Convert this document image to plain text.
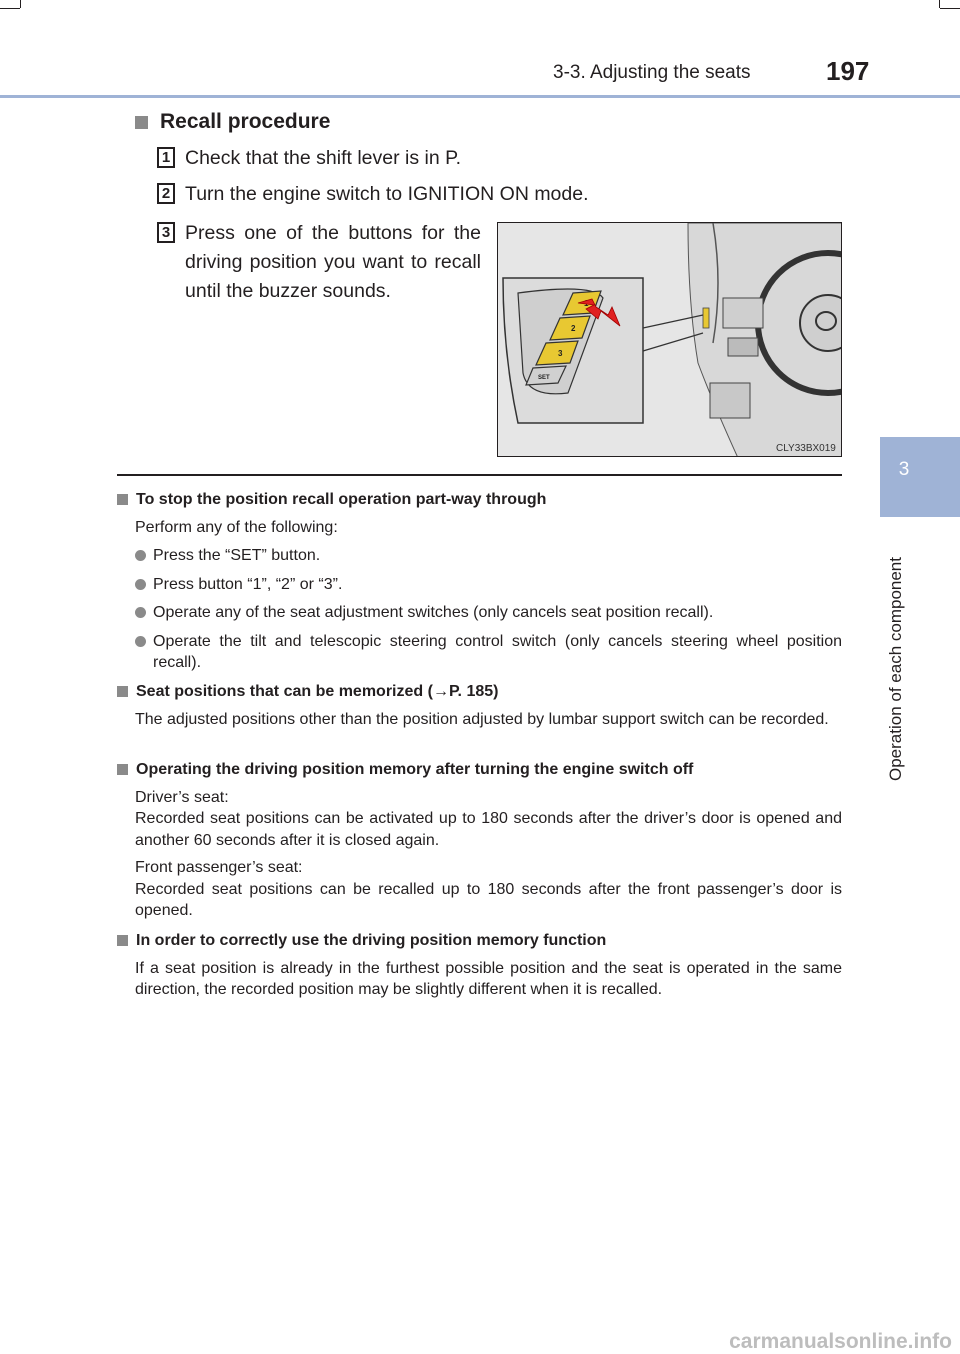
3-3. Adjusting the seats	197
3
Operation of each component
Recall procedure
1 Check that the shift lever is in P.
2 Turn the engine switch to IGNITION ON mode.
3 Press one of the buttons for the driving position you want to recall until the buzzer sounds.
2
3
SET
CLY33BX019
To stop the position recall operation part-way through
Perform any of the following:
Press the “SET” button.
Press button “1”, “2” or “3”.
Operate any of the seat adjustment switches (only cancels seat position recall).
Operate the tilt and telescopic steering control switch (only cancels steering wheel position recall).
Seat positions that can be memorized (→P. 185)
The adjusted positions other than the position adjusted by lumbar support switch can be recorded.
Operating the driving position memory after turning the engine switch off
Driver’s seat:
Recorded seat positions can be activated up to 180 seconds after the driver’s door is opened and another 60 seconds after it is closed again.
Front passenger’s seat:
Recorded seat positions can be recalled up to 180 seconds after the front passenger’s door is opened.
In order to correctly use the driving position memory function
If a seat position is already in the furthest possible position and the seat is operated in the same direction, the recorded position may be slightly different when it is recalled.
carmanualsonline.info
